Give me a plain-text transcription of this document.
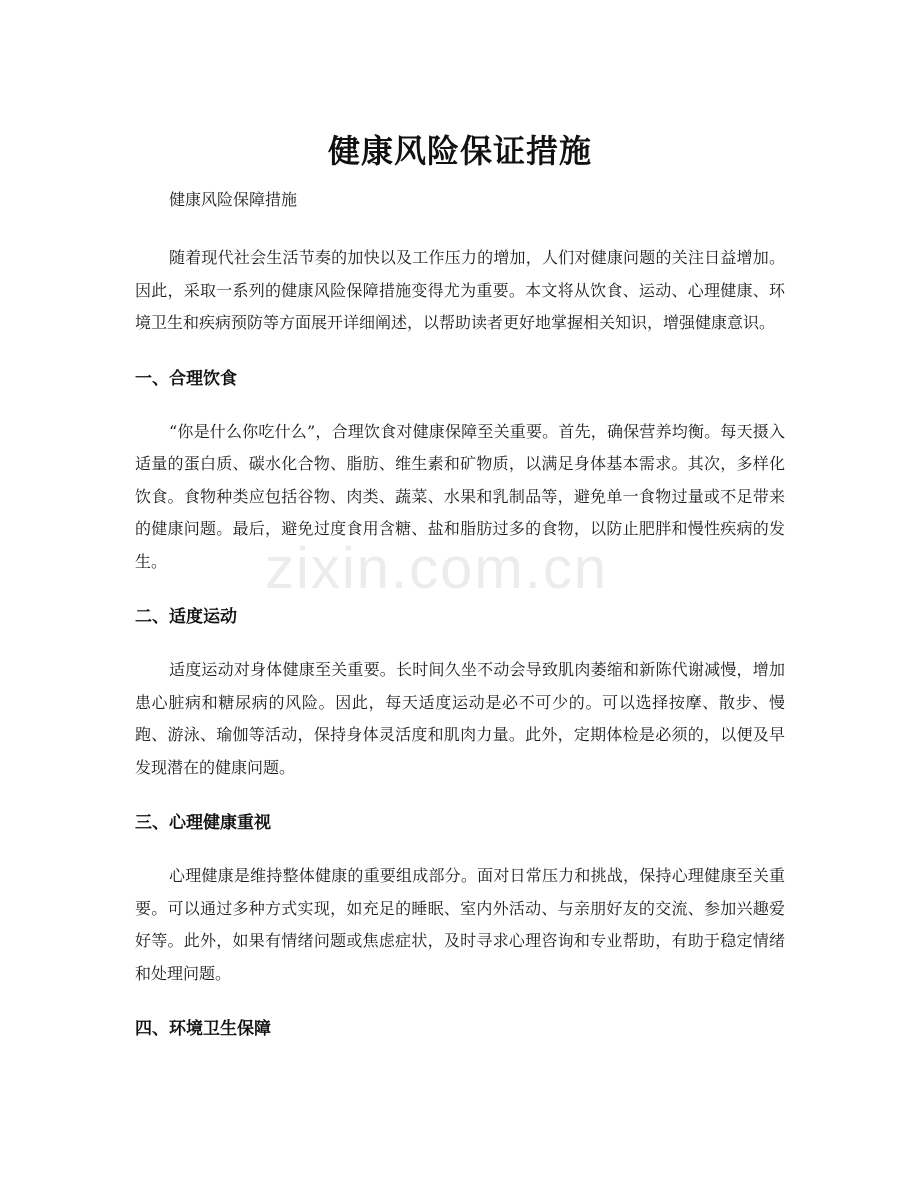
zixin.com.cn
健康风险保证措施

健康风险保障措施

随着现代社会生活节奏的加快以及工作压力的增加，人们对健康问题的关注日益增加。因此，采取一系列的健康风险保障措施变得尤为重要。本文将从饮食、运动、心理健康、环境卫生和疾病预防等方面展开详细阐述，以帮助读者更好地掌握相关知识，增强健康意识。

一、合理饮食

“你是什么你吃什么”，合理饮食对健康保障至关重要。首先，确保营养均衡。每天摄入适量的蛋白质、碳水化合物、脂肪、维生素和矿物质，以满足身体基本需求。其次，多样化饮食。食物种类应包括谷物、肉类、蔬菜、水果和乳制品等，避免单一食物过量或不足带来的健康问题。最后，避免过度食用含糖、盐和脂肪过多的食物，以防止肥胖和慢性疾病的发生。

二、适度运动

适度运动对身体健康至关重要。长时间久坐不动会导致肌肉萎缩和新陈代谢减慢，增加患心脏病和糖尿病的风险。因此，每天适度运动是必不可少的。可以选择按摩、散步、慢跑、游泳、瑜伽等活动，保持身体灵活度和肌肉力量。此外，定期体检是必须的，以便及早发现潜在的健康问题。

三、心理健康重视

心理健康是维持整体健康的重要组成部分。面对日常压力和挑战，保持心理健康至关重要。可以通过多种方式实现，如充足的睡眠、室内外活动、与亲朋好友的交流、参加兴趣爱好等。此外，如果有情绪问题或焦虑症状，及时寻求心理咨询和专业帮助，有助于稳定情绪和处理问题。

四、环境卫生保障
